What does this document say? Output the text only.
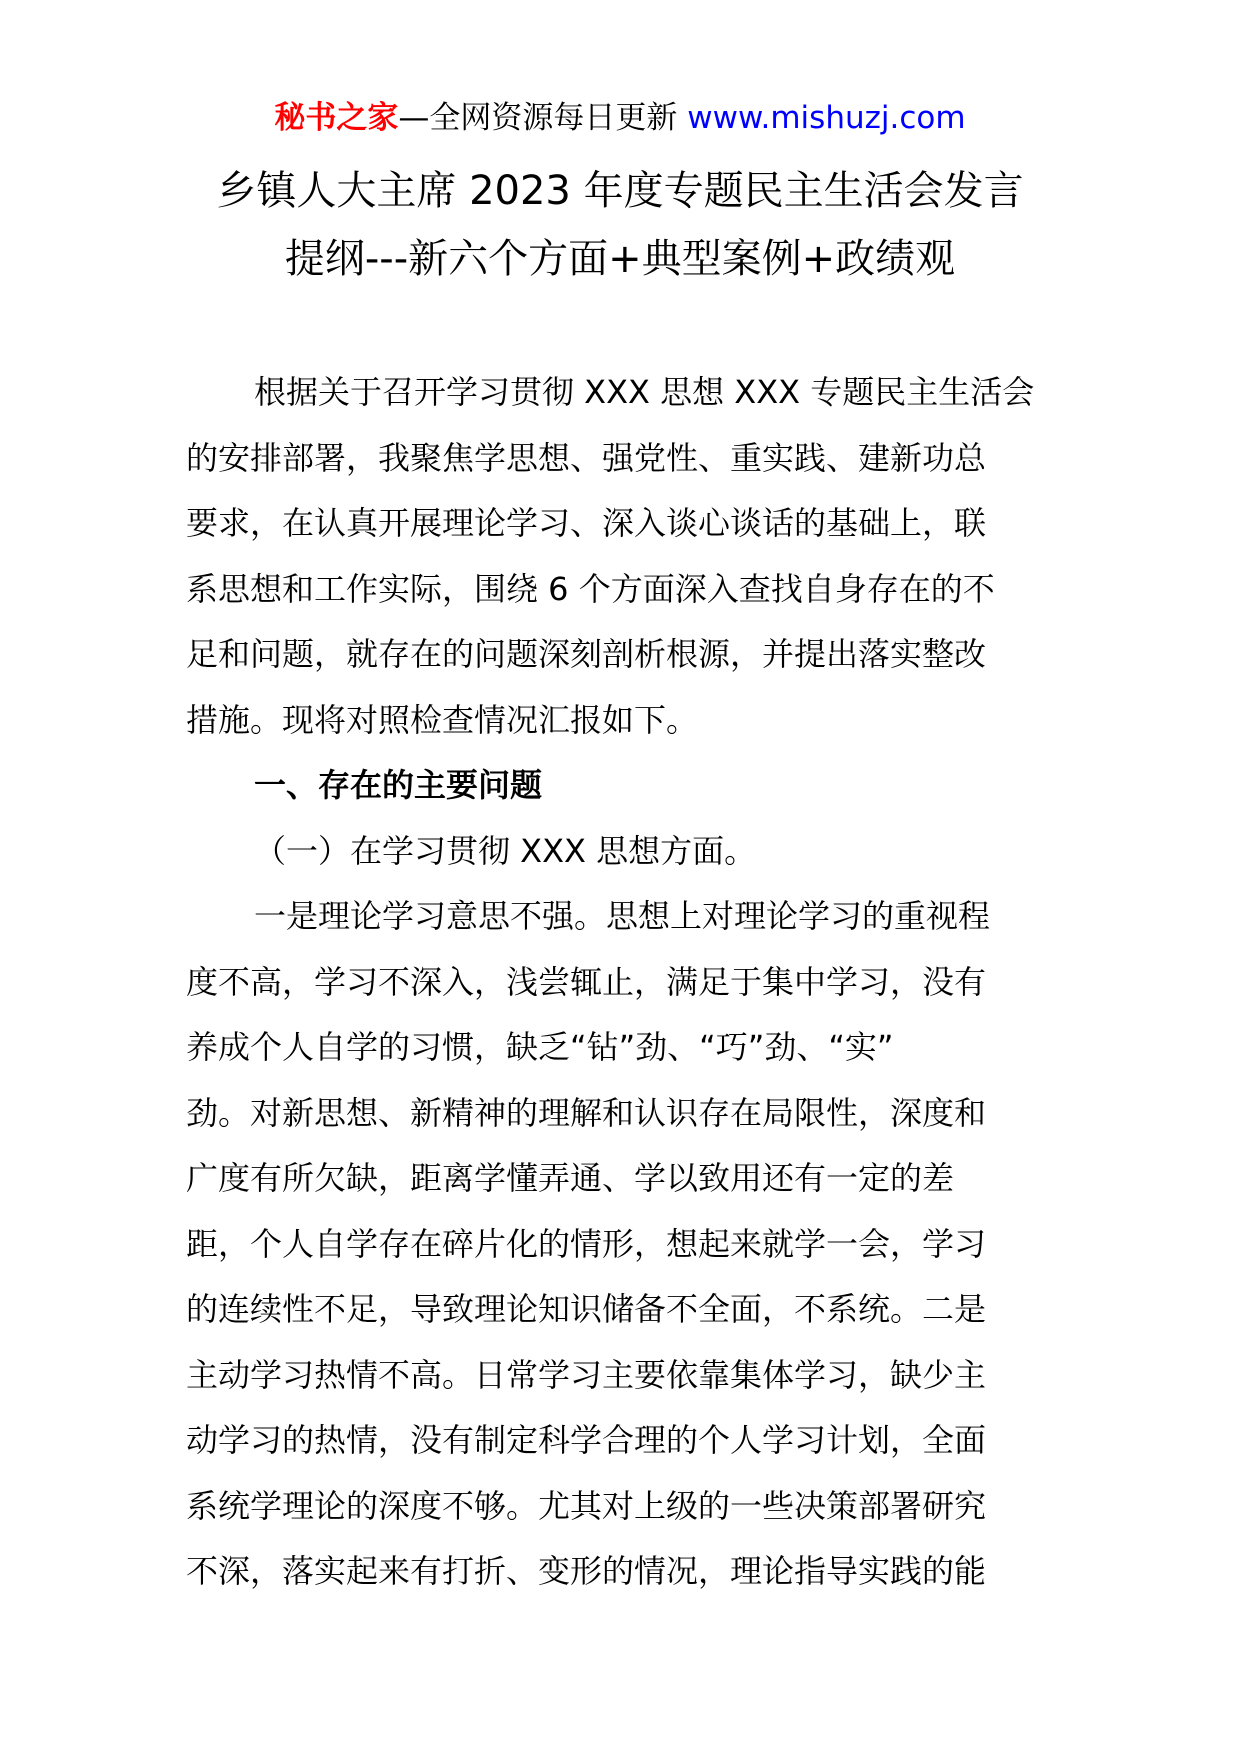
秘书之家—全网资源每日更新 www.mishuzj.com
乡镇人大主席 2023 年度专题民主生活会发言
提纲---新六个方面+典型案例+政绩观
根据关于召开学习贯彻 XXX 思想 XXX 专题民主生活会
的安排部署，我聚焦学思想、强党性、重实践、建新功总
要求，在认真开展理论学习、深入谈心谈话的基础上，联
系思想和工作实际，围绕 6 个方面深入查找自身存在的不
足和问题，就存在的问题深刻剖析根源，并提出落实整改
措施。现将对照检查情况汇报如下。
一、存在的主要问题
（一）在学习贯彻 XXX 思想方面。
一是理论学习意思不强。思想上对理论学习的重视程
度不高，学习不深入，浅尝辄止，满足于集中学习，没有
养成个人自学的习惯，缺乏“钻”劲、“巧”劲、“实”
劲。对新思想、新精神的理解和认识存在局限性，深度和
广度有所欠缺，距离学懂弄通、学以致用还有一定的差
距，个人自学存在碎片化的情形，想起来就学一会，学习
的连续性不足，导致理论知识储备不全面，不系统。二是
主动学习热情不高。日常学习主要依靠集体学习，缺少主
动学习的热情，没有制定科学合理的个人学习计划，全面
系统学理论的深度不够。尤其对上级的一些决策部署研究
不深，落实起来有打折、变形的情况，理论指导实践的能
